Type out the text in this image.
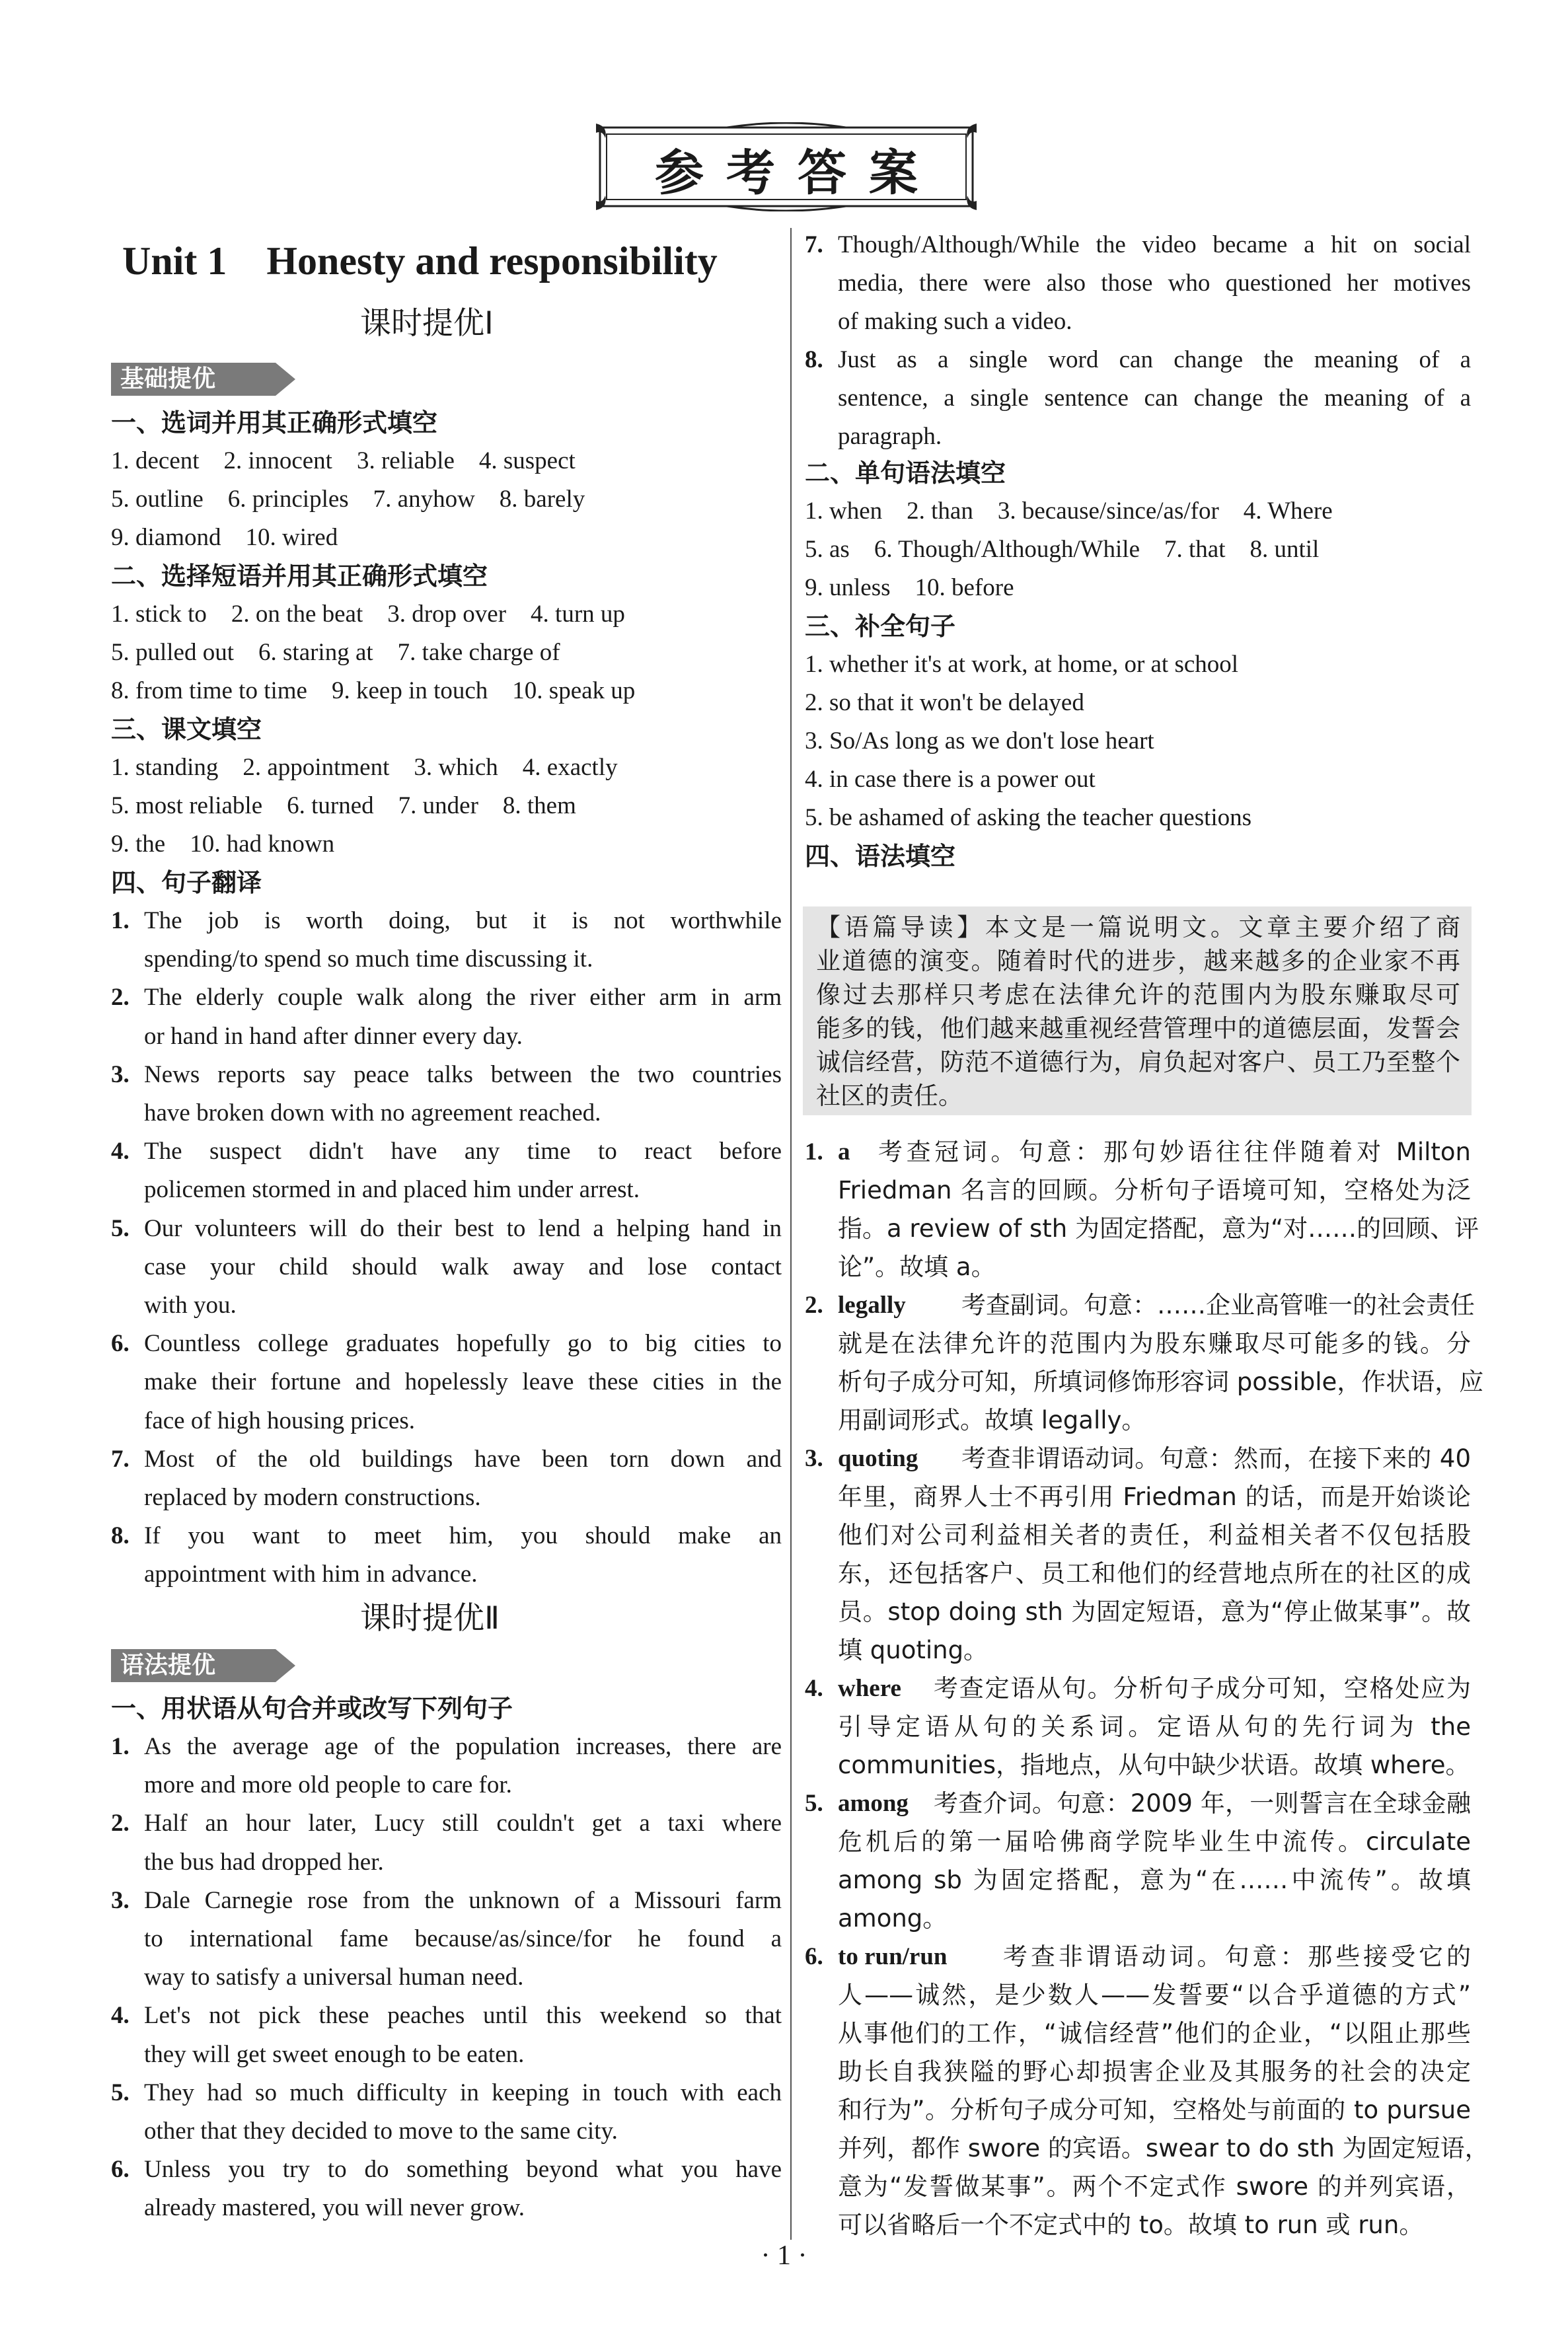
参考答案
Unit 1　Honesty and responsibility
课时提优Ⅰ
基础提优
一、选词并用其正确形式填空
1. decent　2. innocent　3. reliable　4. suspect
5. outline　6. principles　7. anyhow　8. barely
9. diamond　10. wired
二、选择短语并用其正确形式填空
1. stick to　2. on the beat　3. drop over　4. turn up
5. pulled out　6. staring at　7. take charge of
8. from time to time　9. keep in touch　10. speak up
三、课文填空
1. standing　2. appointment　3. which　4. exactly
5. most reliable　6. turned　7. under　8. them
9. the　10. had known
四、句子翻译
1. The job is worth doing, but it is not worthwhile
spending/to spend so much time discussing it.
2. The elderly couple walk along the river either arm in arm
or hand in hand after dinner every day.
3. News reports say peace talks between the two countries
have broken down with no agreement reached.
4. The suspect didn't have any time to react before
policemen stormed in and placed him under arrest.
5. Our volunteers will do their best to lend a helping hand in
case your child should walk away and lose contact
with you.
6. Countless college graduates hopefully go to big cities to
make their fortune and hopelessly leave these cities in the
face of high housing prices.
7. Most of the old buildings have been torn down and
replaced by modern constructions.
8. If you want to meet him, you should make an
appointment with him in advance.
课时提优Ⅱ
语法提优
一、用状语从句合并或改写下列句子
1. As the average age of the population increases, there are
more and more old people to care for.
2. Half an hour later, Lucy still couldn't get a taxi where
the bus had dropped her.
3. Dale Carnegie rose from the unknown of a Missouri farm
to international fame because/as/since/for he found a
way to satisfy a universal human need.
4. Let's not pick these peaches until this weekend so that
they will get sweet enough to be eaten.
5. They had so much difficulty in keeping in touch with each
other that they decided to move to the same city.
6. Unless you try to do something beyond what you have
already mastered, you will never grow.
7. Though/Although/While the video became a hit on social
media, there were also those who questioned her motives
of making such a video.
8. Just as a single word can change the meaning of a
sentence, a single sentence can change the meaning of a
paragraph.
二、单句语法填空
1. when　2. than　3. because/since/as/for　4. Where
5. as　6. Though/Although/While　7. that　8. until
9. unless　10. before
三、补全句子
1. whether it's at work, at home, or at school
2. so that it won't be delayed
3. So/As long as we don't lose heart
4. in case there is a power out
5. be ashamed of asking the teacher questions
四、语法填空
【语篇导读】本文是一篇说明文。文章主要介绍了商
业道德的演变。随着时代的进步，越来越多的企业家不再
像过去那样只考虑在法律允许的范围内为股东赚取尽可
能多的钱，他们越来越重视经营管理中的道德层面，发誓会
诚信经营，防范不道德行为，肩负起对客户、员工乃至整个
社区的责任。
1. a 考查冠词。句意：那句妙语往往伴随着对 Milton
Friedman 名言的回顾。分析句子语境可知，空格处为泛
指。a review of sth 为固定搭配，意为“对……的回顾、评
论”。故填 a。
2. legally 考查副词。句意：……企业高管唯一的社会责任
就是在法律允许的范围内为股东赚取尽可能多的钱。分
析句子成分可知，所填词修饰形容词 possible，作状语，应
用副词形式。故填 legally。
3. quoting 考查非谓语动词。句意：然而，在接下来的 40
年里，商界人士不再引用 Friedman 的话，而是开始谈论
他们对公司利益相关者的责任，利益相关者不仅包括股
东，还包括客户、员工和他们的经营地点所在的社区的成
员。stop doing sth 为固定短语，意为“停止做某事”。故
填 quoting。
4. where 考查定语从句。分析句子成分可知，空格处应为
引导定语从句的关系词。定语从句的先行词为 the
communities，指地点，从句中缺少状语。故填 where。
5. among 考查介词。句意：2009 年，一则誓言在全球金融
危机后的第一届哈佛商学院毕业生中流传。circulate
among sb 为固定搭配，意为“在……中流传”。故填
among。
6. to run/run 考查非谓语动词。句意：那些接受它的
人——诚然，是少数人——发誓要“以合乎道德的方式”
从事他们的工作，“诚信经营”他们的企业，“以阻止那些
助长自我狭隘的野心却损害企业及其服务的社会的决定
和行为”。分析句子成分可知，空格处与前面的 to pursue
并列，都作 swore 的宾语。swear to do sth 为固定短语，
意为“发誓做某事”。两个不定式作 swore 的并列宾语，
可以省略后一个不定式中的 to。故填 to run 或 run。
· 1 ·
